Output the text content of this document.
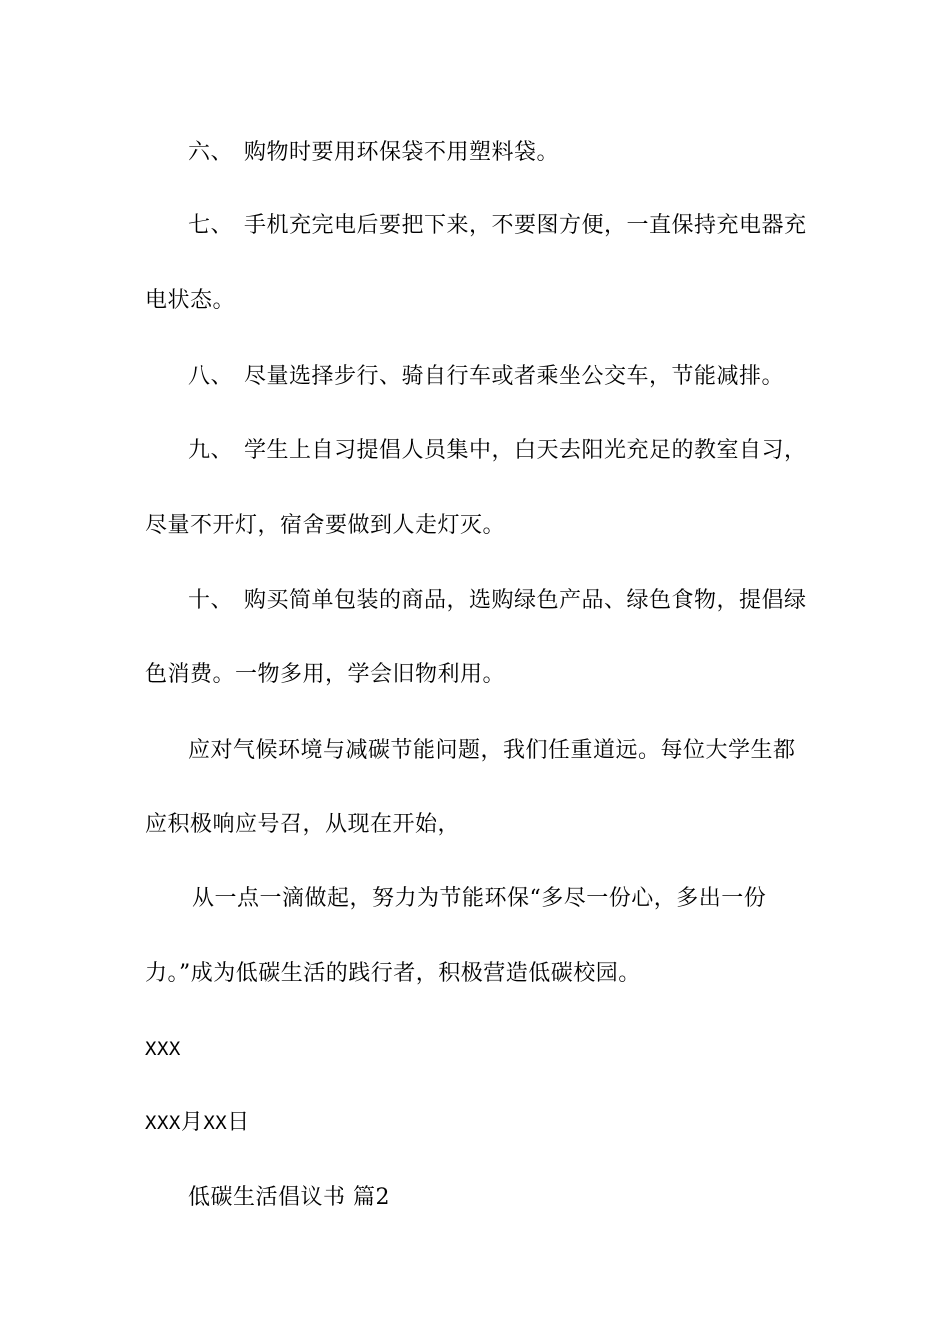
六、 购物时要用环保袋不用塑料袋。
七、 手机充完电后要把下来，不要图方便，一直保持充电器充
电状态。
八、 尽量选择步行、骑自行车或者乘坐公交车，节能减排。
九、 学生上自习提倡人员集中，白天去阳光充足的教室自习，
尽量不开灯，宿舍要做到人走灯灭。
十、 购买简单包装的商品，选购绿色产品、绿色食物，提倡绿
色消费。一物多用，学会旧物利用。
应对气候环境与减碳节能问题，我们任重道远。每位大学生都
应积极响应号召，从现在开始，
从一点一滴做起，努力为节能环保“多尽一份心，多出一份
力。”成为低碳生活的践行者，积极营造低碳校园。
XXX
XXX月XX日
低碳生活倡议书 篇2
